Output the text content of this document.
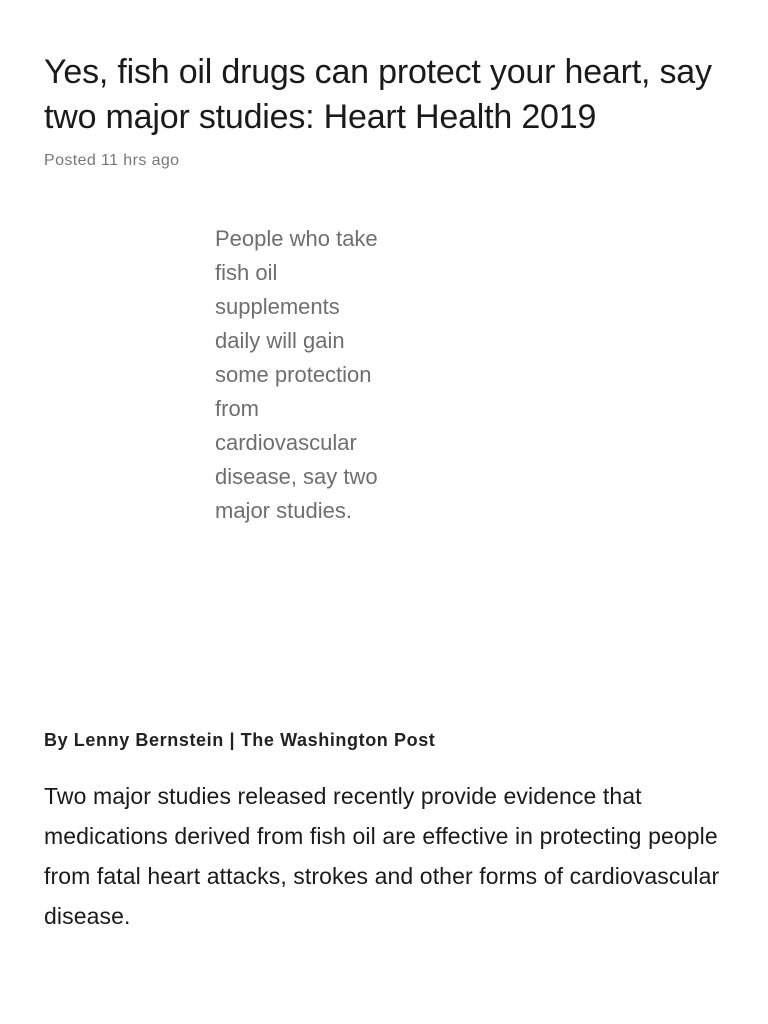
Yes, fish oil drugs can protect your heart, say two major studies: Heart Health 2019
Posted 11 hrs ago

People who take fish oil supplements daily will gain some protection from cardiovascular disease, say two major studies.

By Lenny Bernstein | The Washington Post

Two major studies released recently provide evidence that medications derived from fish oil are effective in protecting people from fatal heart attacks, strokes and other forms of cardiovascular disease.
